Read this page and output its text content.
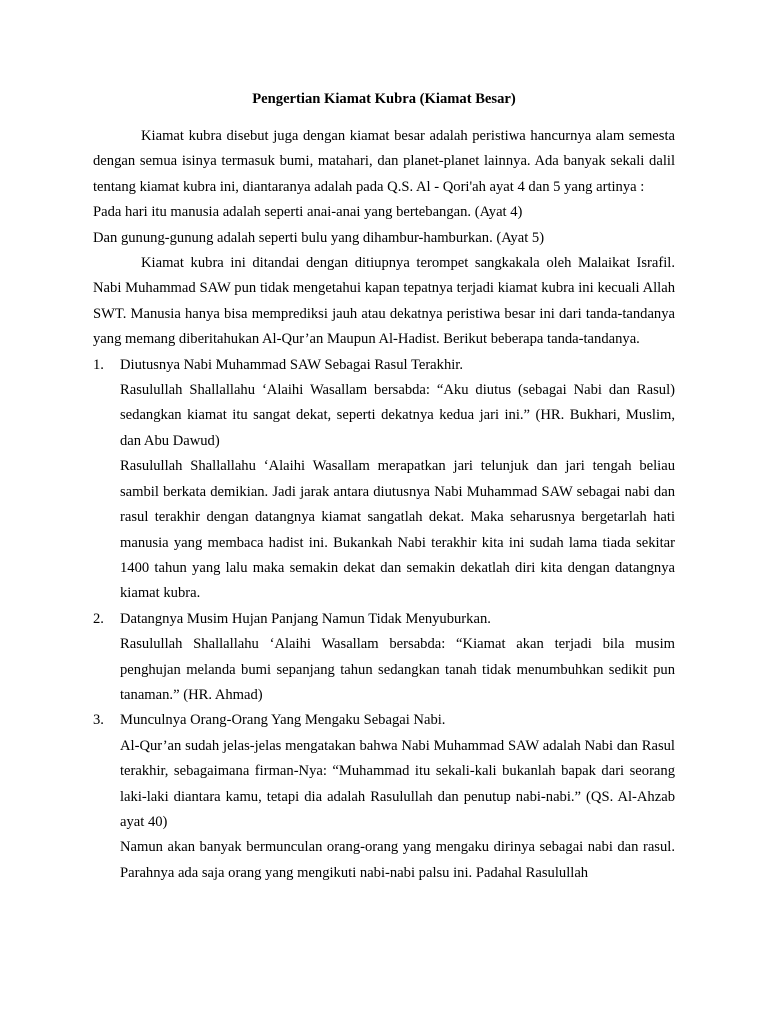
Pengertian Kiamat Kubra (Kiamat Besar)

Kiamat kubra disebut juga dengan kiamat besar adalah peristiwa hancurnya alam semesta dengan semua isinya termasuk bumi, matahari, dan planet-planet lainnya. Ada banyak sekali dalil tentang kiamat kubra ini, diantaranya adalah pada Q.S. Al - Qori'ah ayat 4 dan 5 yang artinya :

Pada hari itu manusia adalah seperti anai-anai yang bertebangan. (Ayat 4)

Dan gunung-gunung adalah seperti bulu yang dihambur-hamburkan. (Ayat 5)

Kiamat kubra ini ditandai dengan ditiupnya terompet sangkakala oleh Malaikat Israfil. Nabi Muhammad SAW pun tidak mengetahui kapan tepatnya terjadi kiamat kubra ini kecuali Allah SWT. Manusia hanya bisa memprediksi jauh atau dekatnya peristiwa besar ini dari tanda-tandanya yang memang diberitahukan Al-Qur’an Maupun Al-Hadist. Berikut beberapa tanda-tandanya.

1. Diutusnya Nabi Muhammad SAW Sebagai Rasul Terakhir.

Rasulullah Shallallahu ‘Alaihi Wasallam bersabda: “Aku diutus (sebagai Nabi dan Rasul) sedangkan kiamat itu sangat dekat, seperti dekatnya kedua jari ini.” (HR. Bukhari, Muslim, dan Abu Dawud)

Rasulullah Shallallahu ‘Alaihi Wasallam merapatkan jari telunjuk dan jari tengah beliau sambil berkata demikian. Jadi jarak antara diutusnya Nabi Muhammad SAW sebagai nabi dan rasul terakhir dengan datangnya kiamat sangatlah dekat. Maka seharusnya bergetarlah hati manusia yang membaca hadist ini. Bukankah Nabi terakhir kita ini sudah lama tiada sekitar 1400 tahun yang lalu maka semakin dekat dan semakin dekatlah diri kita dengan datangnya kiamat kubra.

2. Datangnya Musim Hujan Panjang Namun Tidak Menyuburkan.

Rasulullah Shallallahu ‘Alaihi Wasallam bersabda: “Kiamat akan terjadi bila musim penghujan melanda bumi sepanjang tahun sedangkan tanah tidak menumbuhkan sedikit pun tanaman.” (HR. Ahmad)

3. Munculnya Orang-Orang Yang Mengaku Sebagai Nabi.

Al-Qur’an sudah jelas-jelas mengatakan bahwa Nabi Muhammad SAW adalah Nabi dan Rasul terakhir, sebagaimana firman-Nya: “Muhammad itu sekali-kali bukanlah bapak dari seorang laki-laki diantara kamu, tetapi dia adalah Rasulullah dan penutup nabi-nabi.” (QS. Al-Ahzab ayat 40)

Namun akan banyak bermunculan orang-orang yang mengaku dirinya sebagai nabi dan rasul. Parahnya ada saja orang yang mengikuti nabi-nabi palsu ini. Padahal Rasulullah
